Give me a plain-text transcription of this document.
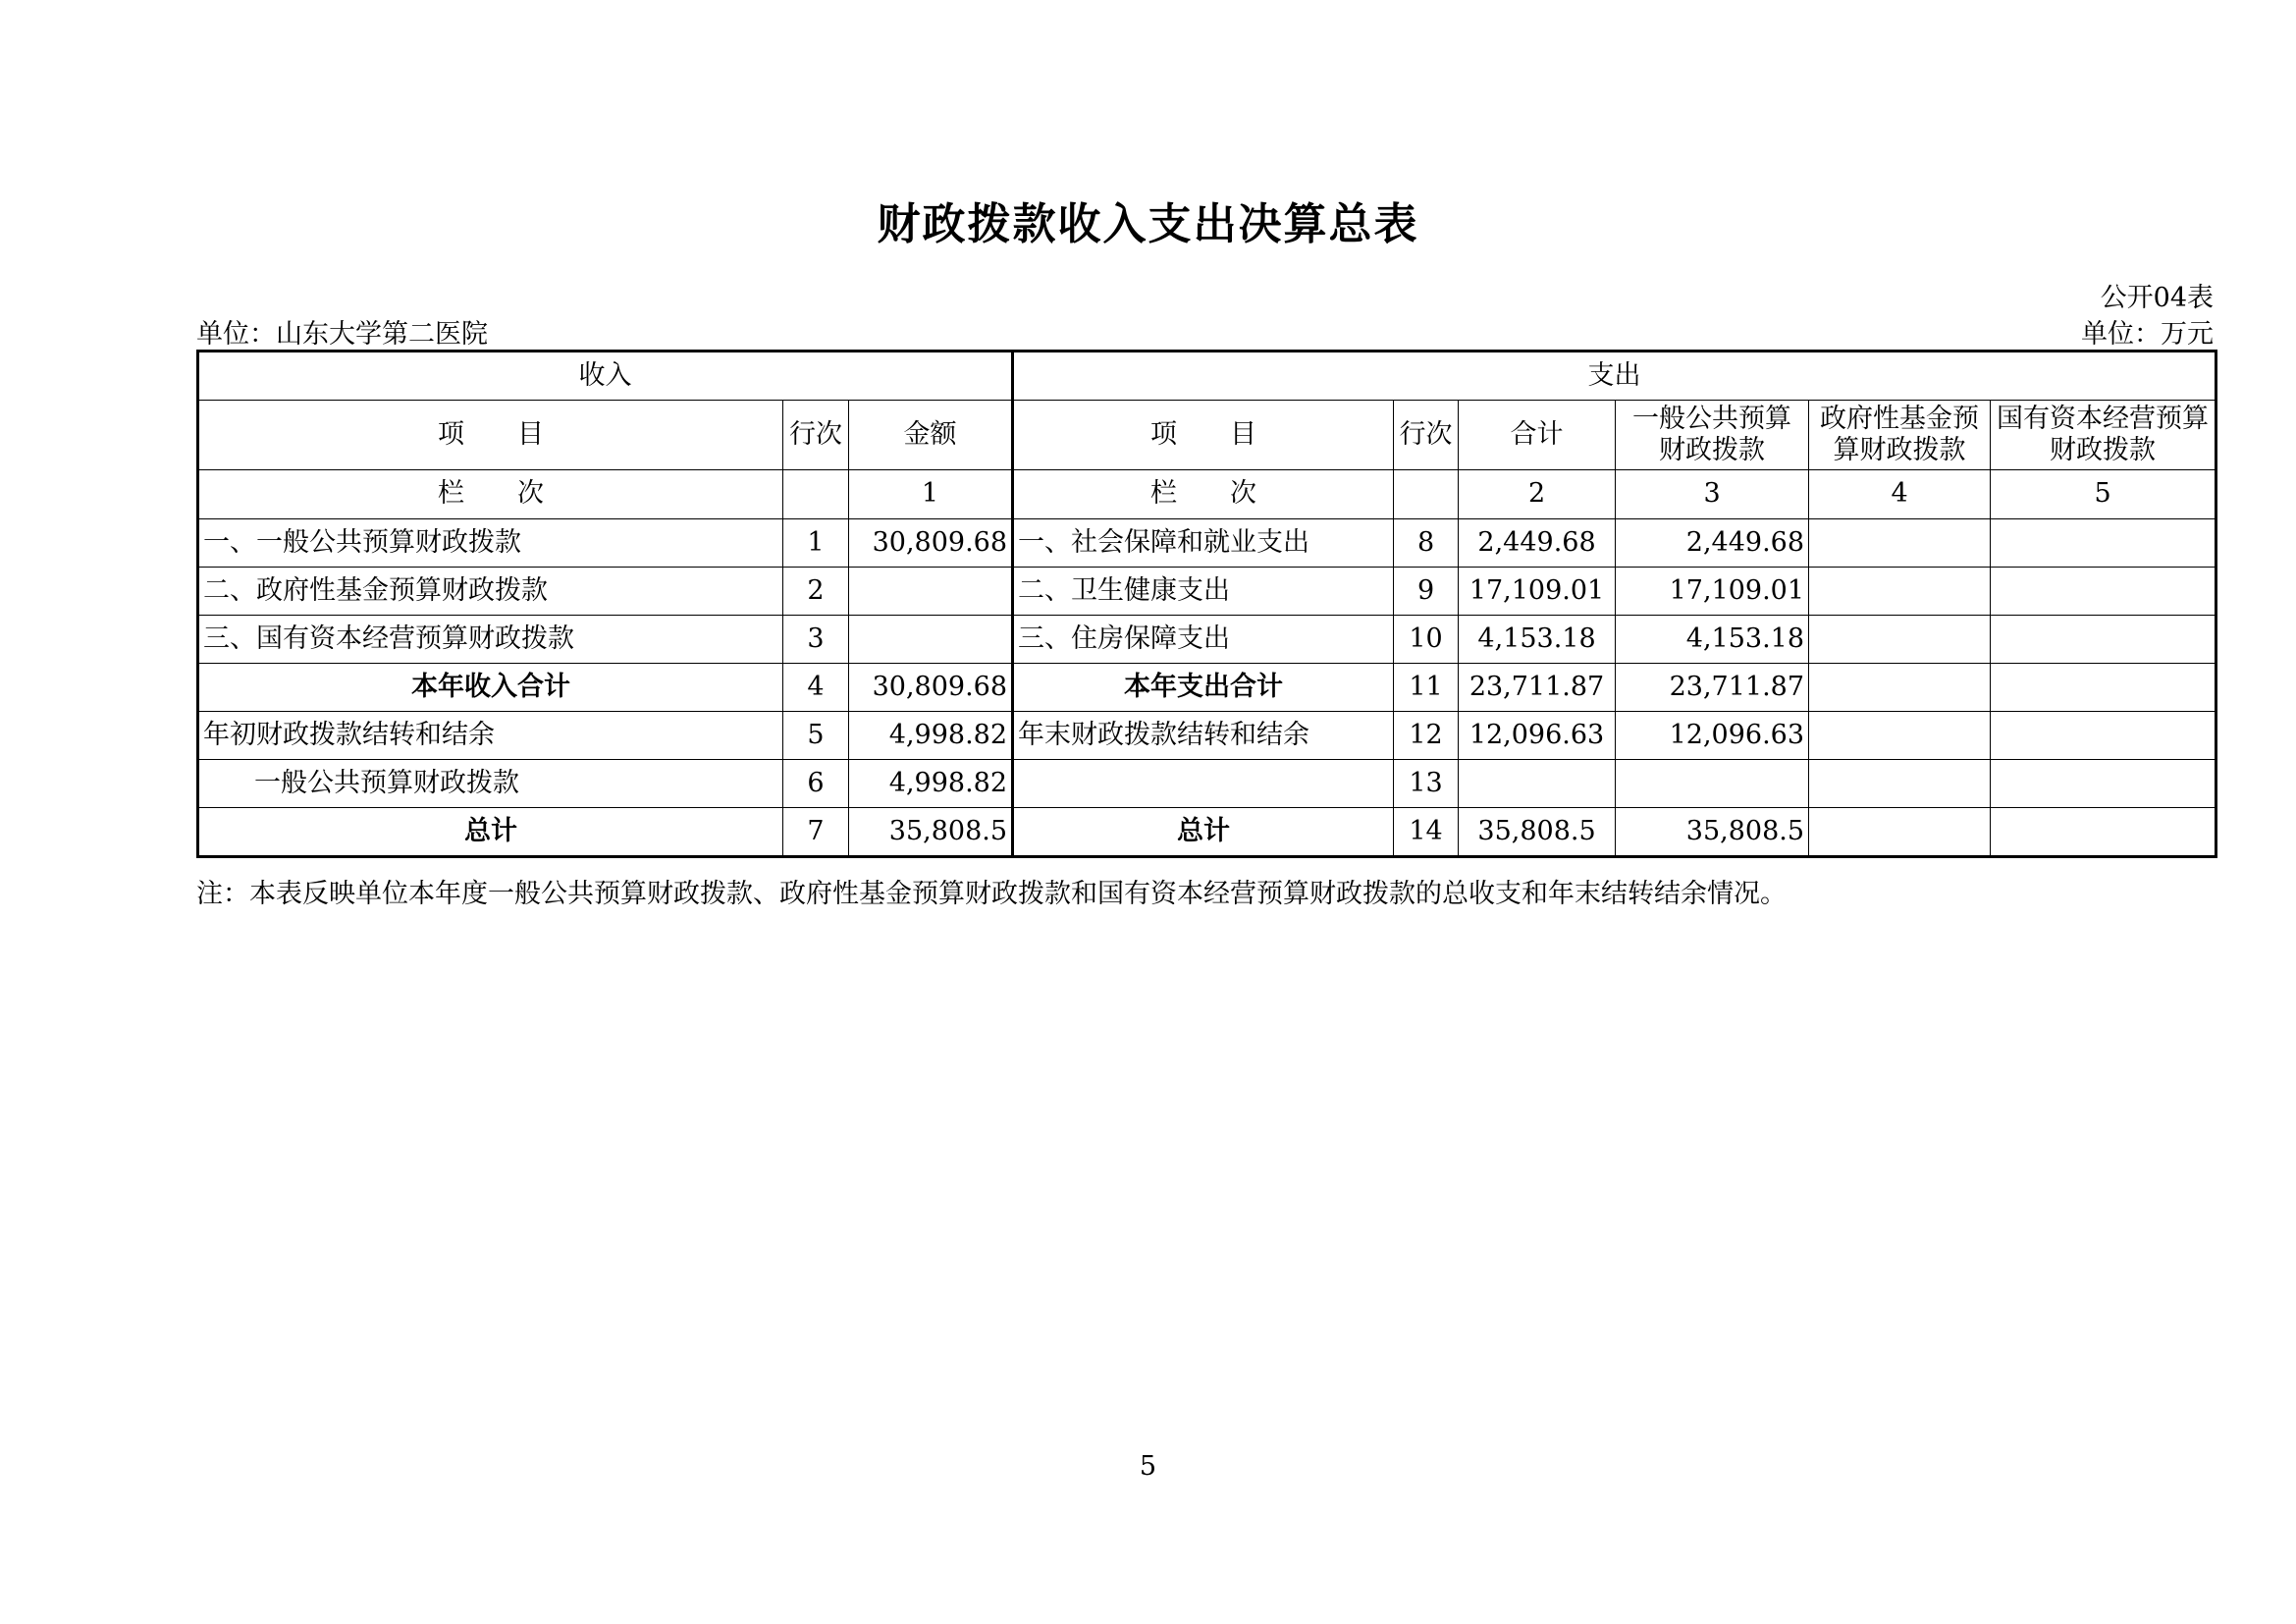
财政拨款收入支出决算总表
公开04表
单位：山东大学第二医院	单位：万元
收入			支出					
项　　目	行次	金额	项　　目	行次	合计	一般公共预算财政拨款	政府性基金预算财政拨款	国有资本经营预算财政拨款
栏　　次		1	栏　　次		2	3	4	5
一、一般公共预算财政拨款	1	30,809.68	一、社会保障和就业支出	8	2,449.68	2,449.68		
二、政府性基金预算财政拨款	2		二、卫生健康支出	9	17,109.01	17,109.01		
三、国有资本经营预算财政拨款	3		三、住房保障支出	10	4,153.18	4,153.18		
本年收入合计	4	30,809.68	本年支出合计	11	23,711.87	23,711.87		
年初财政拨款结转和结余	5	4,998.82	年末财政拨款结转和结余	12	12,096.63	12,096.63		
一般公共预算财政拨款	6	4,998.82		13				
总计	7	35,808.5	总计	14	35,808.5	35,808.5		
注：本表反映单位本年度一般公共预算财政拨款、政府性基金预算财政拨款和国有资本经营预算财政拨款的总收支和年末结转结余情况。
5
